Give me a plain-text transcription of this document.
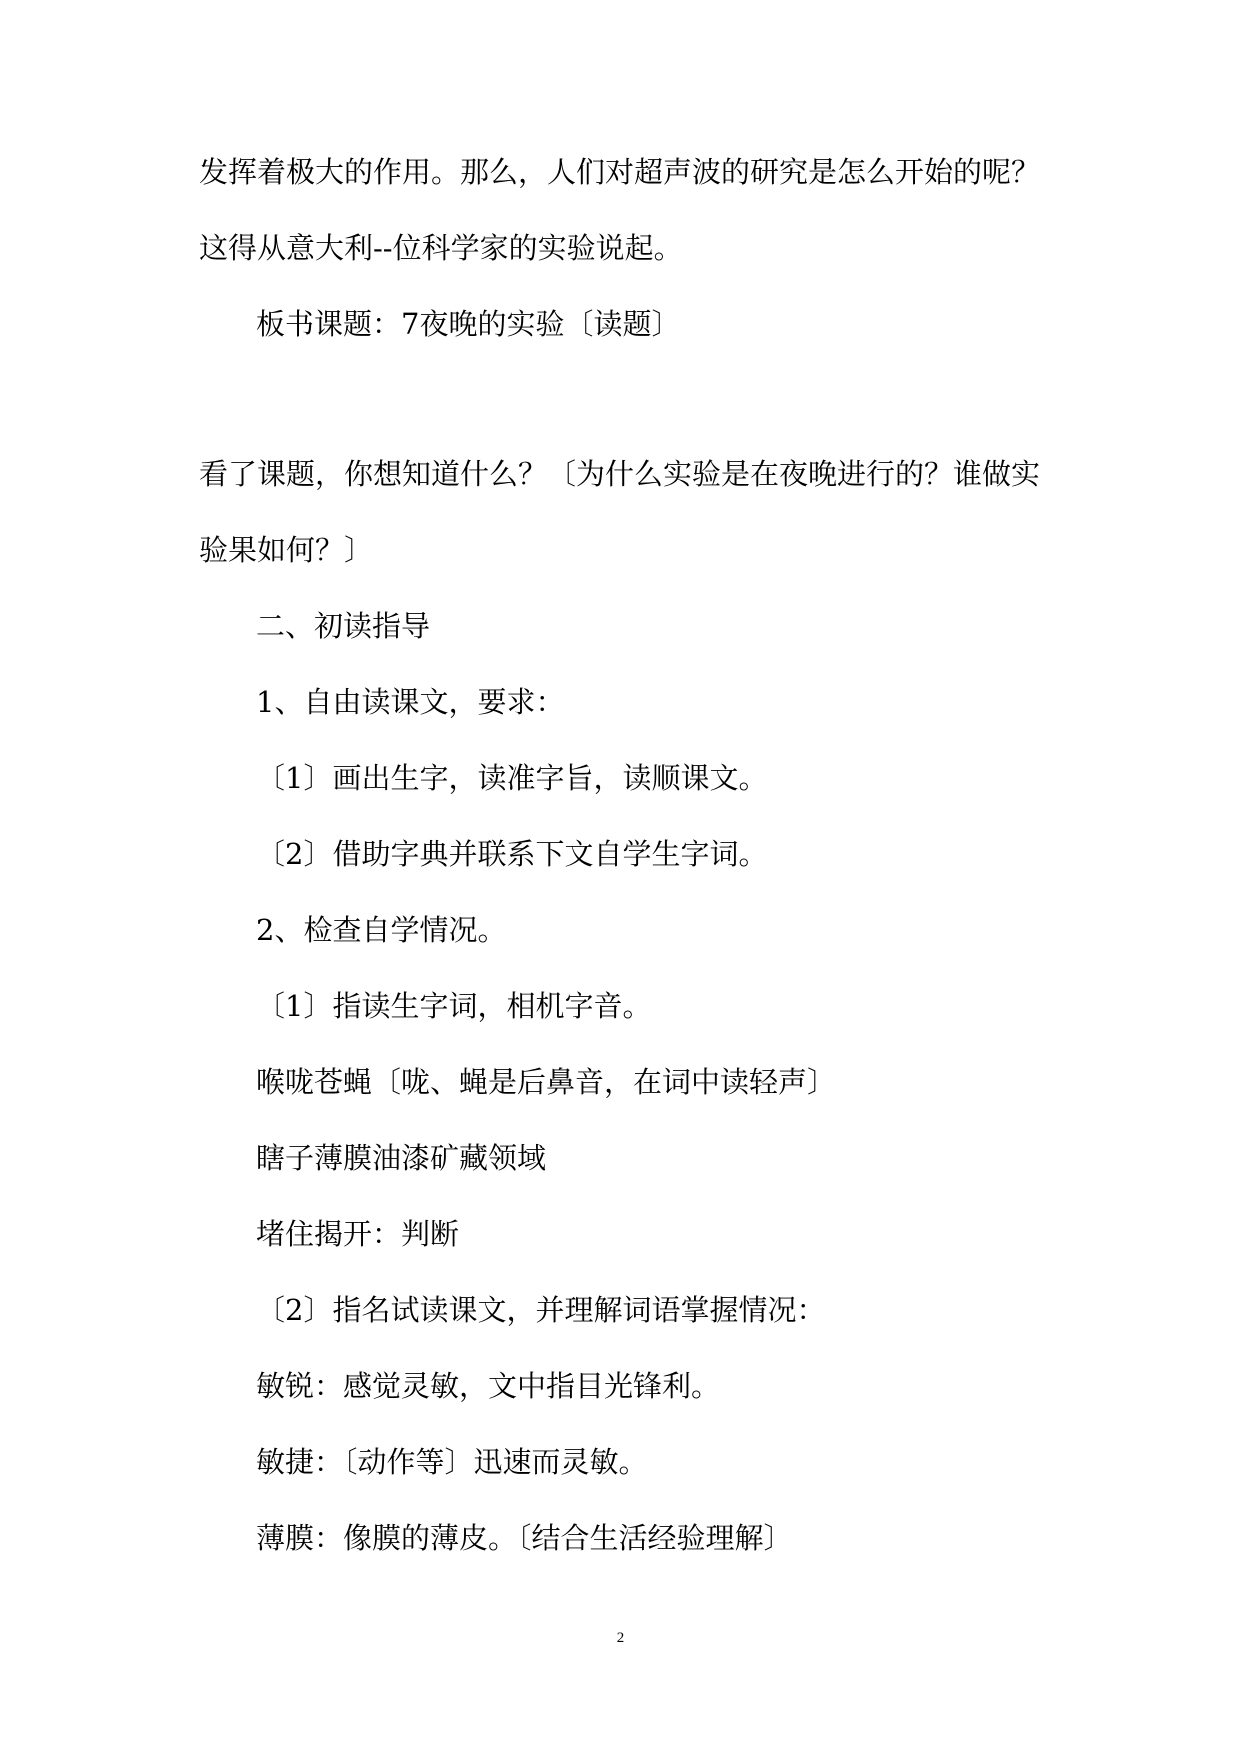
发挥着极大的作用。那么，人们对超声波的研究是怎么开始的呢？
这得从意大利--位科学家的实验说起。
板书课题：7夜晚的实验〔读题〕
看了课题，你想知道什么？〔为什么实验是在夜晚进行的？谁做实
验果如何？〕
二、初读指导
1、自由读课文，要求：
〔1〕画出生字，读准字旨，读顺课文。
〔2〕借助字典并联系下文自学生字词。
2、检查自学情况。
〔1〕指读生字词，相机字音。
喉咙苍蝇〔咙、蝇是后鼻音，在词中读轻声〕
瞎子薄膜油漆矿藏领域
堵住揭开：判断
〔2〕指名试读课文，并理解词语掌握情况：
敏锐：感觉灵敏，文中指目光锋利。
敏捷：〔动作等〕迅速而灵敏。
薄膜：像膜的薄皮。〔结合生活经验理解〕
2
